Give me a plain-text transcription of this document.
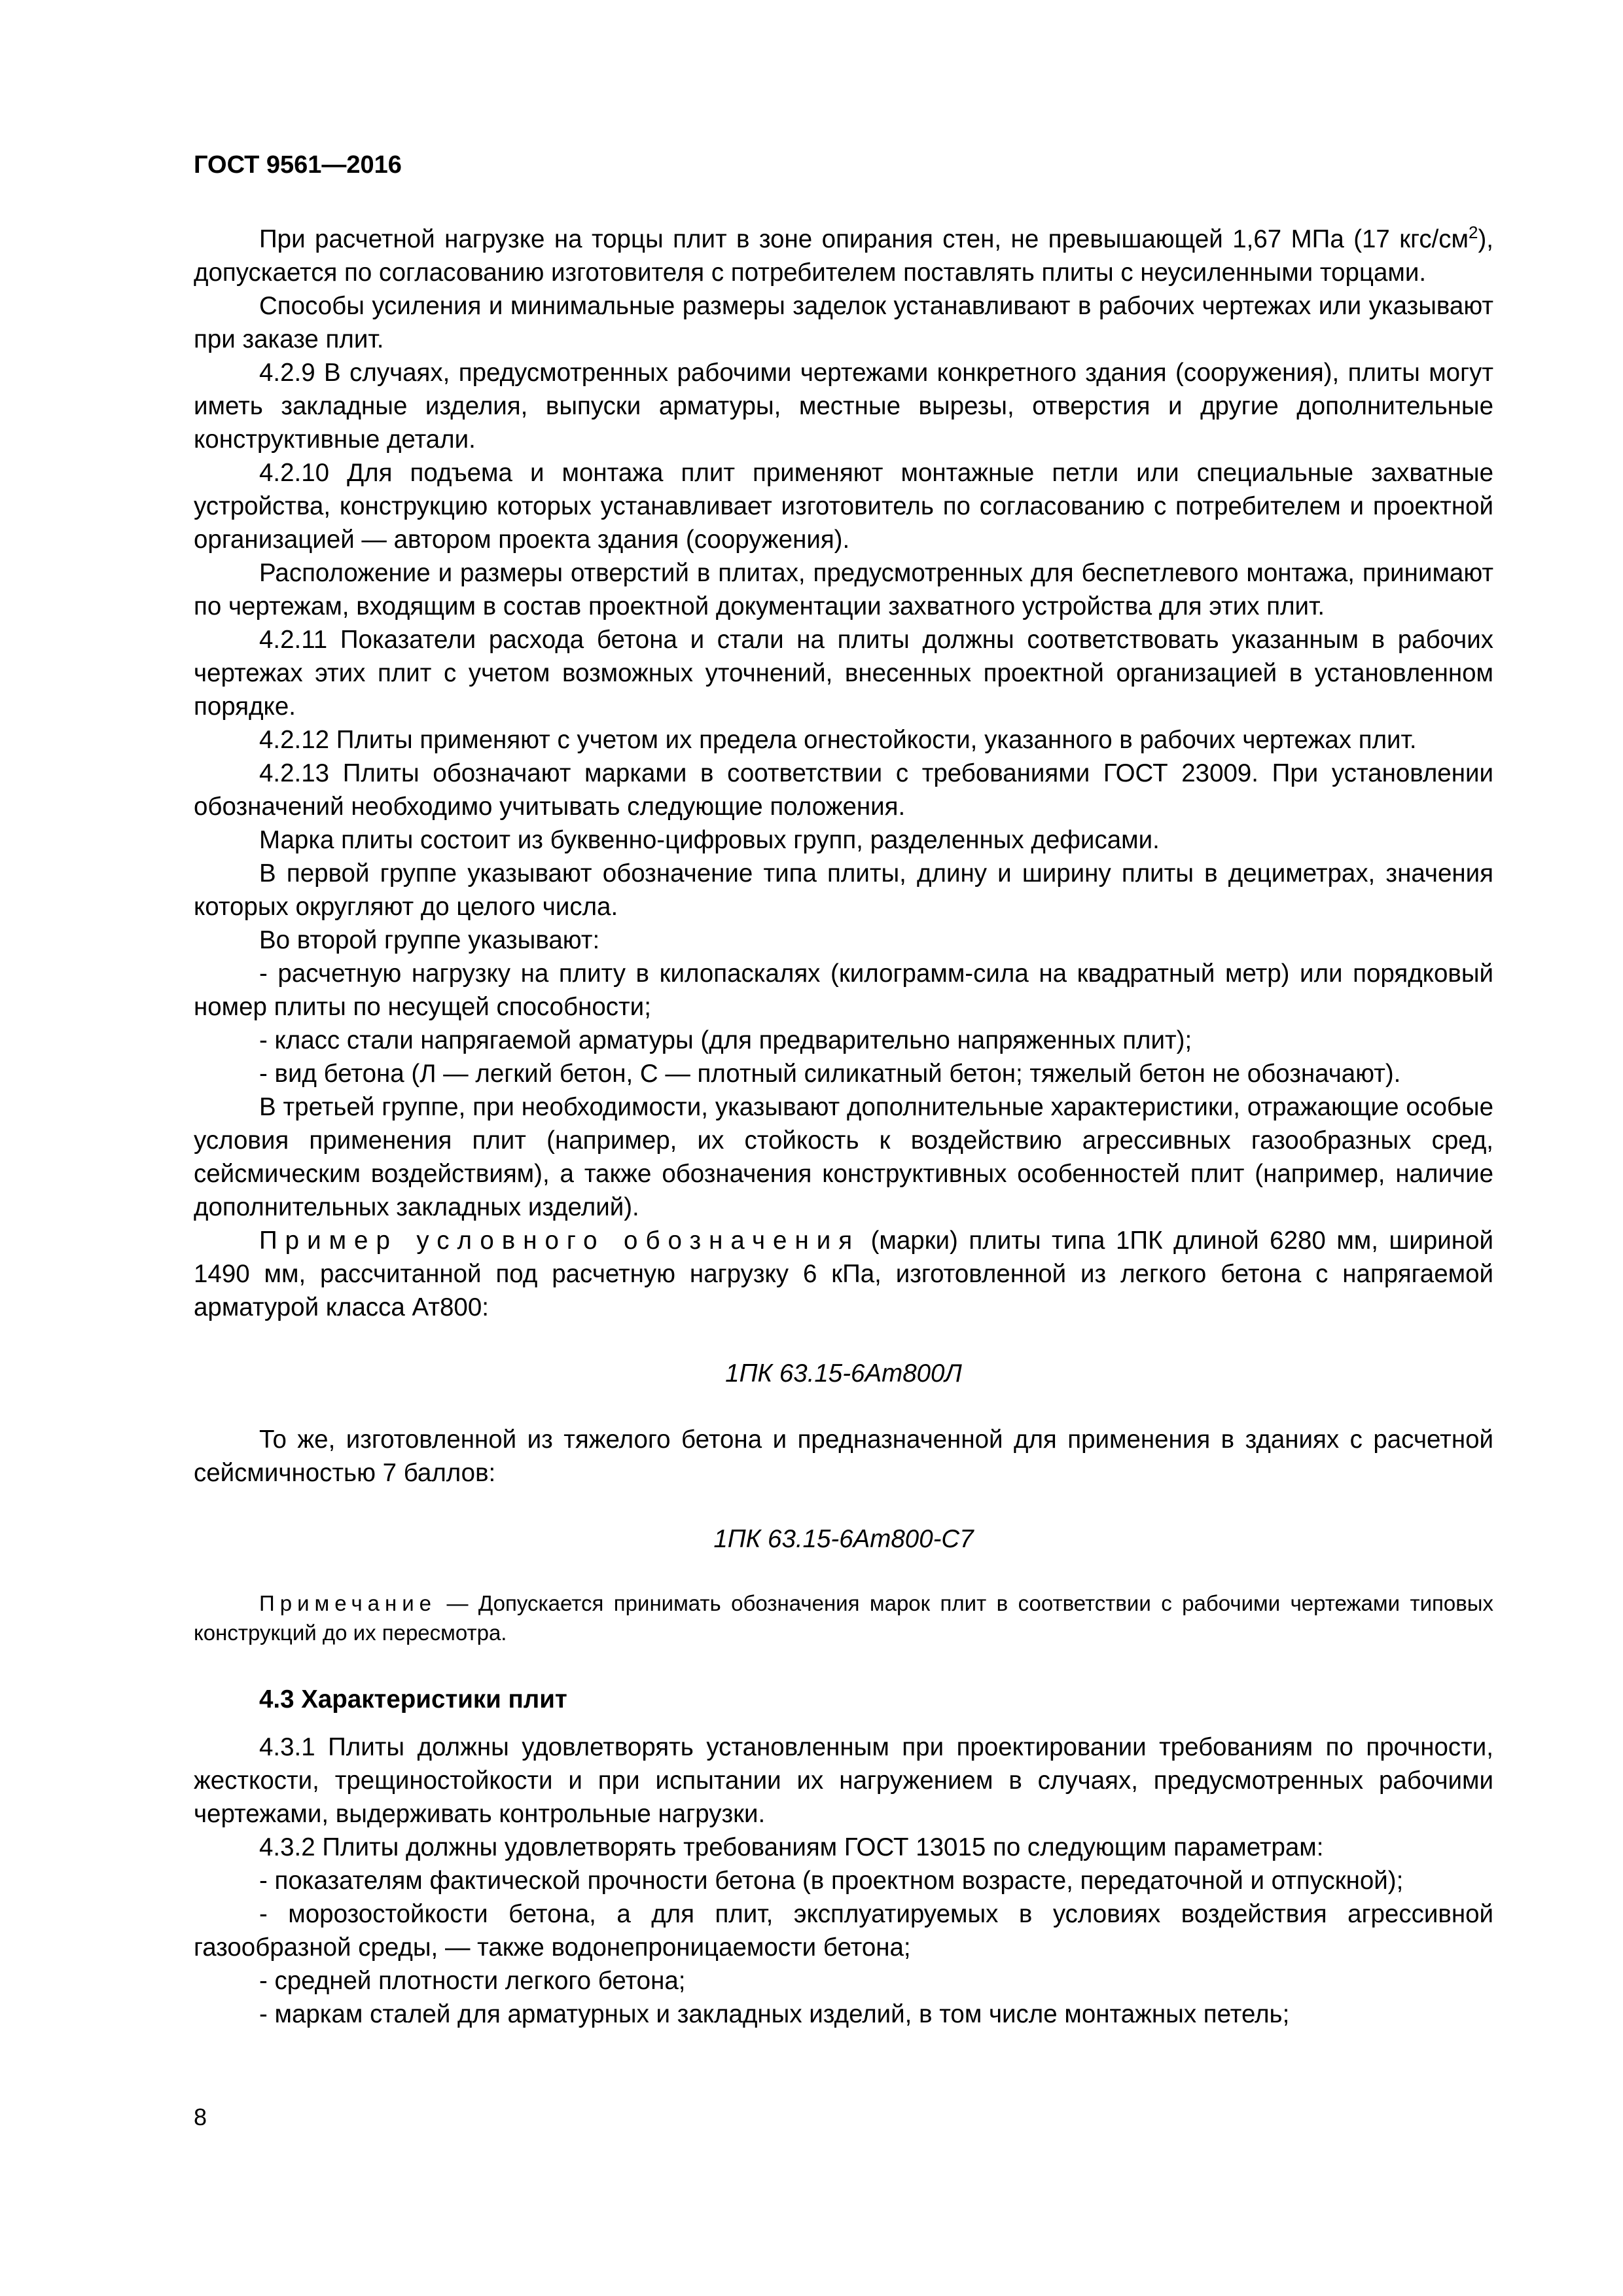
ГОСТ 9561—2016

При расчетной нагрузке на торцы плит в зоне опирания стен, не превышающей 1,67 МПа (17 кгс/$см^2$), допускается по согласованию изготовителя с потребителем поставлять плиты с неусиленными торцами.

Способы усиления и минимальные размеры заделок устанавливают в рабочих чертежах или указывают при заказе плит.

4.2.9 В случаях, предусмотренных рабочими чертежами конкретного здания (сооружения), плиты могут иметь закладные изделия, выпуски арматуры, местные вырезы, отверстия и другие дополнительные конструктивные детали.

4.2.10 Для подъема и монтажа плит применяют монтажные петли или специальные захватные устройства, конструкцию которых устанавливает изготовитель по согласованию с потребителем и проектной организацией — автором проекта здания (сооружения).

Расположение и размеры отверстий в плитах, предусмотренных для беспетлевого монтажа, принимают по чертежам, входящим в состав проектной документации захватного устройства для этих плит.

4.2.11 Показатели расхода бетона и стали на плиты должны соответствовать указанным в рабочих чертежах этих плит с учетом возможных уточнений, внесенных проектной организацией в установленном порядке.

4.2.12 Плиты применяют с учетом их предела огнестойкости, указанного в рабочих чертежах плит.

4.2.13 Плиты обозначают марками в соответствии с требованиями ГОСТ 23009. При установлении обозначений необходимо учитывать следующие положения.

Марка плиты состоит из буквенно-цифровых групп, разделенных дефисами.

В первой группе указывают обозначение типа плиты, длину и ширину плиты в дециметрах, значения которых округляют до целого числа.

Во второй группе указывают:

- расчетную нагрузку на плиту в килопаскалях (килограмм-сила на квадратный метр) или порядковый номер плиты по несущей способности;

- класс стали напрягаемой арматуры (для предварительно напряженных плит);

- вид бетона (Л — легкий бетон, С — плотный силикатный бетон; тяжелый бетон не обозначают).

В третьей группе, при необходимости, указывают дополнительные характеристики, отражающие особые условия применения плит (например, их стойкость к воздействию агрессивных газообразных сред, сейсмическим воздействиям), а также обозначения конструктивных особенностей плит (например, наличие дополнительных закладных изделий).

Пример условного обозначения (марки) плиты типа 1ПК длиной 6280 мм, шириной 1490 мм, рассчитанной под расчетную нагрузку 6 кПа, изготовленной из легкого бетона с напрягаемой арматурой класса Ат800:

1ПК 63.15-6Ат800Л

То же, изготовленной из тяжелого бетона и предназначенной для применения в зданиях с расчетной сейсмичностью 7 баллов:

1ПК 63.15-6Ат800-С7

Примечание — Допускается принимать обозначения марок плит в соответствии с рабочими чертежами типовых конструкций до их пересмотра.

4.3 Характеристики плит

4.3.1 Плиты должны удовлетворять установленным при проектировании требованиям по прочности, жесткости, трещиностойкости и при испытании их нагружением в случаях, предусмотренных рабочими чертежами, выдерживать контрольные нагрузки.

4.3.2 Плиты должны удовлетворять требованиям ГОСТ 13015 по следующим параметрам:

- показателям фактической прочности бетона (в проектном возрасте, передаточной и отпускной);

- морозостойкости бетона, а для плит, эксплуатируемых в условиях воздействия агрессивной газообразной среды, — также водонепроницаемости бетона;

- средней плотности легкого бетона;

- маркам сталей для арматурных и закладных изделий, в том числе монтажных петель;

8
